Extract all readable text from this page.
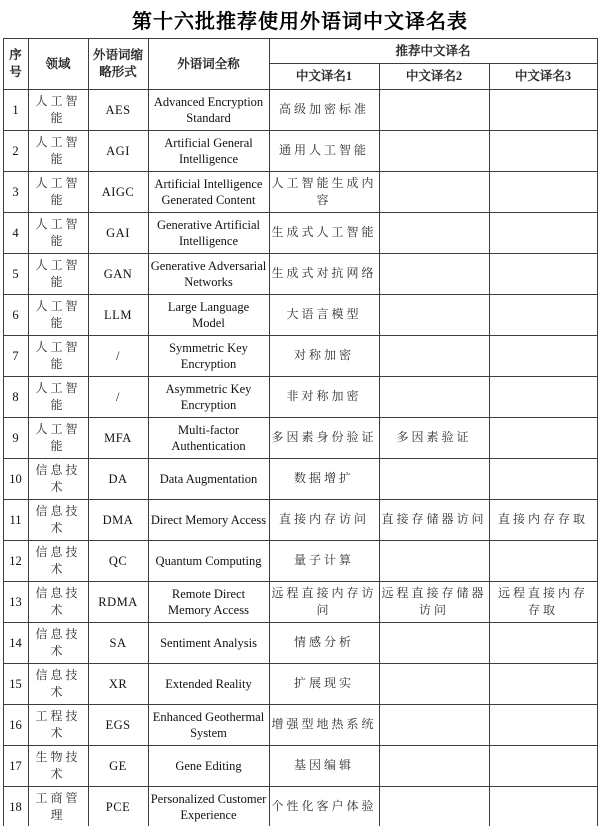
第十六批推荐使用外语词中文译名表
序号	领域	外语词缩略形式	外语词全称	推荐中文译名		
				中文译名1	中文译名2	中文译名3
1	人工智能	AES	Advanced Encryption Standard	高级加密标准		
2	人工智能	AGI	Artificial General Intelligence	通用人工智能		
3	人工智能	AIGC	Artificial Intelligence Generated Content	人工智能生成内容		
4	人工智能	GAI	Generative Artificial Intelligence	生成式人工智能		
5	人工智能	GAN	Generative Adversarial Networks	生成式对抗网络		
6	人工智能	LLM	Large Language Model	大语言模型		
7	人工智能	/	Symmetric Key Encryption	对称加密		
8	人工智能	/	Asymmetric Key Encryption	非对称加密		
9	人工智能	MFA	Multi-factor Authentication	多因素身份验证	多因素验证	
10	信息技术	DA	Data Augmentation	数据增扩		
11	信息技术	DMA	Direct Memory Access	直接内存访问	直接存储器访问	直接内存存取
12	信息技术	QC	Quantum Computing	量子计算		
13	信息技术	RDMA	Remote Direct Memory Access	远程直接内存访问	远程直接存储器访问	远程直接内存存取
14	信息技术	SA	Sentiment Analysis	情感分析		
15	信息技术	XR	Extended Reality	扩展现实		
16	工程技术	EGS	Enhanced Geothermal System	增强型地热系统		
17	生物技术	GE	Gene Editing	基因编辑		
18	工商管理	PCE	Personalized Customer Experience	个性化客户体验		
